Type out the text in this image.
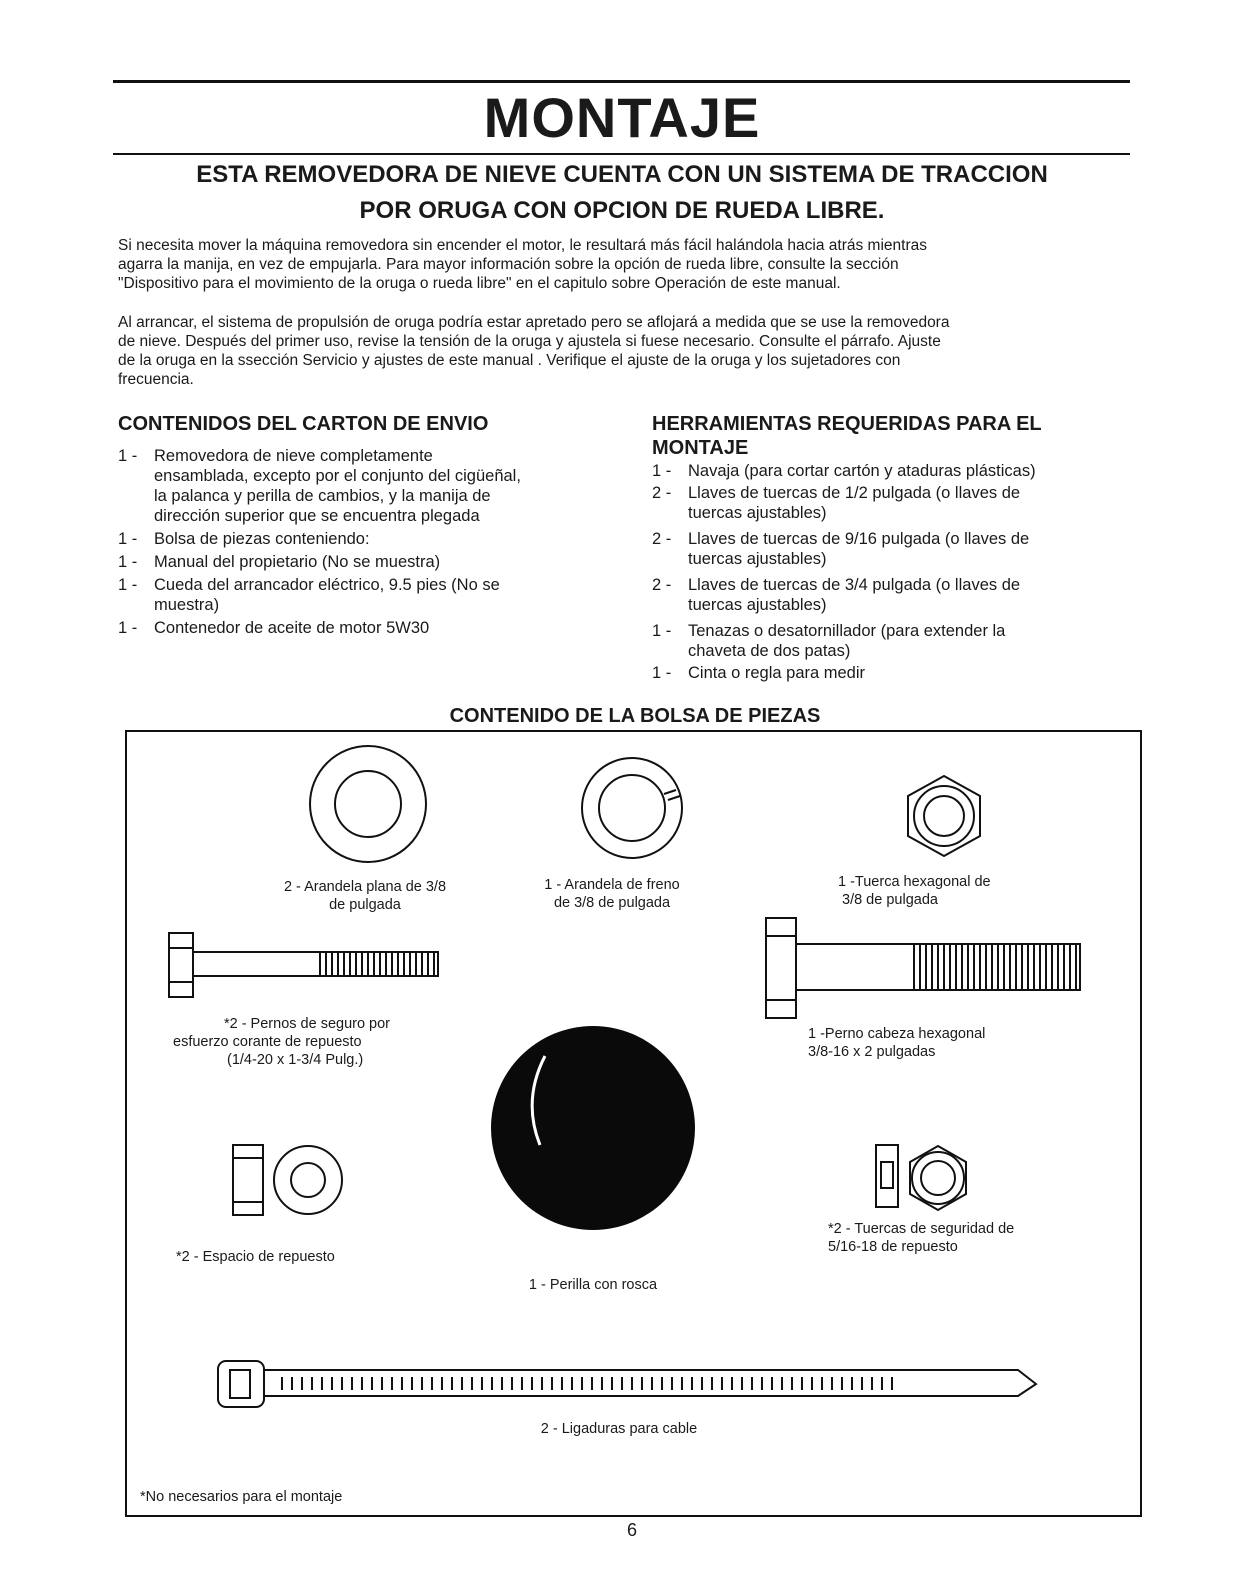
MONTAJE
ESTA REMOVEDORA DE NIEVE CUENTA CON UN SISTEMA DE TRACCION
POR ORUGA CON OPCION DE RUEDA LIBRE.
Si necesita mover la máquina removedora sin encender el motor, le resultará más fácil halándola hacia atrás mientras
agarra la manija, en vez de empujarla. Para mayor información sobre la opción de rueda libre, consulte la sección
"Dispositivo para el movimiento de la oruga o rueda libre" en el capitulo sobre Operación de este manual.
Al arrancar, el sistema de propulsión de oruga podría estar apretado pero se aflojará a medida que se use la removedora
de nieve. Después del primer uso, revise la tensión de la oruga y ajustela si fuese necesario. Consulte el párrafo. Ajuste
de la oruga en la ssección Servicio y ajustes de este manual . Verifique el ajuste de la oruga y los sujetadores con
frecuencia.
CONTENIDOS DEL CARTON DE ENVIO
1 - Removedora de nieve completamente
ensamblada, excepto por el conjunto del cigüeñal,
la palanca y perilla de cambios, y la manija de
dirección superior que se encuentra plegada
1 - Bolsa de piezas conteniendo:
1 - Manual del propietario (No se muestra)
1 - Cueda del arrancador eléctrico, 9.5 pies (No se
muestra)
1 - Contenedor de aceite de motor 5W30
HERRAMIENTAS REQUERIDAS PARA EL
MONTAJE
1 - Navaja (para cortar cartón y ataduras plásticas)
2 - Llaves de tuercas de 1/2 pulgada (o llaves de
tuercas ajustables)
2 - Llaves de tuercas de 9/16 pulgada (o llaves de
tuercas ajustables)
2 - Llaves de tuercas de 3/4 pulgada (o llaves de
tuercas ajustables)
1 - Tenazas o desatornillador (para extender la
chaveta de dos patas)
1 - Cinta o regla para medir
CONTENIDO DE LA BOLSA DE PIEZAS
2 - Arandela plana de 3/8
de pulgada
1 - Arandela de freno
de 3/8 de pulgada
1 -Tuerca hexagonal de
3/8 de pulgada
*2 - Pernos de seguro por
esfuerzo corante de repuesto
(1/4-20 x 1-3/4 Pulg.)
1 -Perno cabeza hexagonal
3/8-16 x 2 pulgadas
*2 - Espacio de repuesto
1 - Perilla con rosca
*2 - Tuercas de seguridad de
5/16-18 de repuesto
2 - Ligaduras para cable
*No necesarios para el montaje
6
